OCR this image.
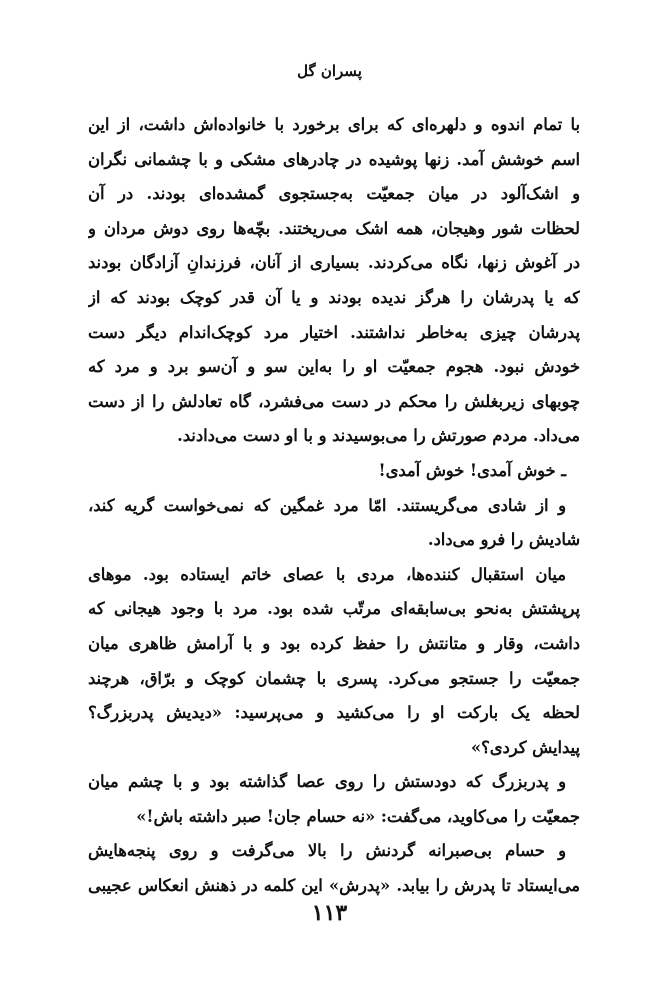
پسران گل
با تمام اندوه و دلهره‌ای که برای برخورد با خانواده‌اش داشت، از این
اسم خوشش آمد. زنها پوشیده در چادرهای مشکی و با چشمانی نگران
و اشک‌آلود در میان جمعیّت به‌جستجوی گمشده‌ای بودند. در آن
لحظات شور وهیجان، همه اشک می‌ریختند. بچّه‌ها روی دوش مردان و
در آغوش زنها، نگاه می‌کردند. بسیاری از آنان، فرزندانِ آزادگان بودند
که یا پدرشان را هرگز ندیده بودند و یا آن قدر کوچک بودند که از
پدرشان چیزی به‌خاطر نداشتند. اختیار مرد کوچک‌اندام دیگر دست
خودش نبود. هجوم جمعیّت او را به‌این سو و آن‌سو برد و مرد که
چوبهای زیربغلش را محکم در دست می‌فشرد، گاه تعادلش را از دست
می‌داد. مردم صورتش را می‌بوسیدند و با او دست می‌دادند.
ـ خوش آمدی! خوش آمدی!
و از شادی می‌گریستند. امّا مرد غمگین که نمی‌خواست گریه کند،
شادیش را فرو می‌داد.
میان استقبال کننده‌ها، مردی با عصای خاتم ایستاده بود. موهای
پرپشتش به‌نحو بی‌سابقه‌ای مرتّب شده بود. مرد با وجود هیجانی که
داشت، وقار و متانتش را حفظ کرده بود و با آرامش ظاهری میان
جمعیّت را جستجو می‌کرد. پسری با چشمان کوچک و برّاق، هرچند
لحظه یک بارکت او را می‌کشید و می‌پرسید: «دیدیش پدربزرگ؟
پیدایش کردی؟»
و پدربزرگ که دودستش را روی عصا گذاشته بود و با چشم میان
جمعیّت را می‌کاوید، می‌گفت: «نه حسام جان! صبر داشته باش!»
و حسام بی‌صبرانه گردنش را بالا می‌گرفت و روی پنجه‌هایش
می‌ایستاد تا پدرش را بیابد. «پدرش» این کلمه در ذهنش انعکاس عجیبی
۱۱۳
